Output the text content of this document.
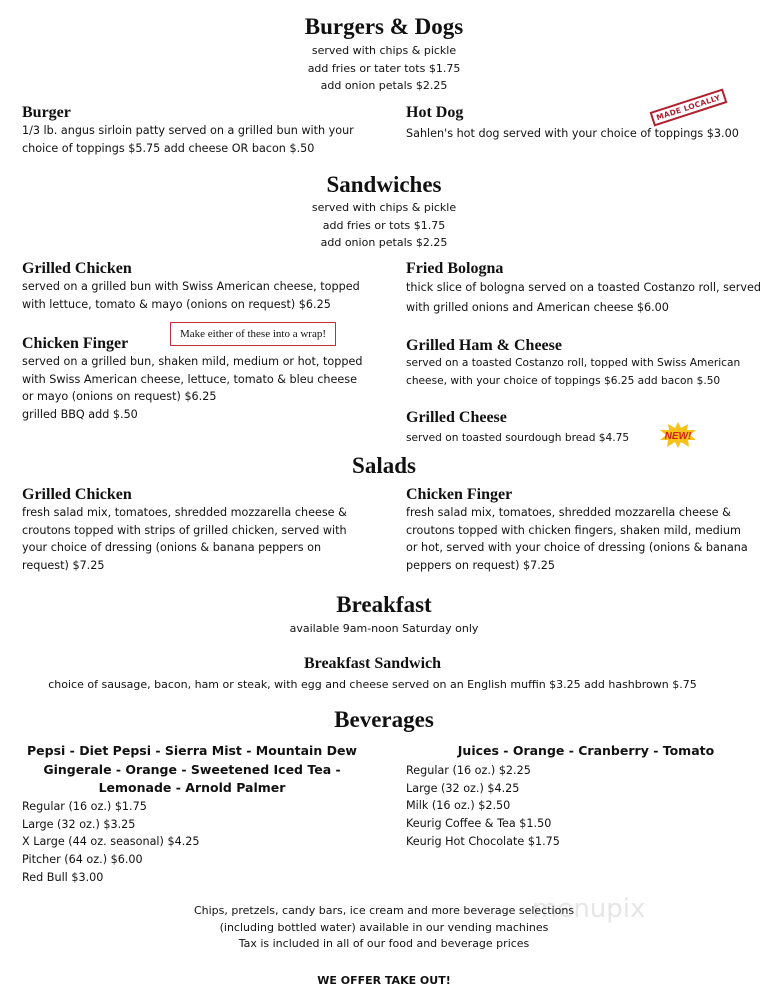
Burgers & Dogs
served with chips & pickle
add fries or tater tots $1.75
add onion petals $2.25
Burger
1/3 lb. angus sirloin patty served on a grilled bun with your
choice of toppings $5.75 add cheese OR bacon $.50
Hot Dog
Sahlen's hot dog served with your choice of toppings $3.00
MADE LOCALLY
Sandwiches
served with chips & pickle
add fries or tots $1.75
add onion petals $2.25
Grilled Chicken
served on a grilled bun with Swiss American cheese, topped
with lettuce, tomato & mayo (onions on request) $6.25
Make either of these into a wrap!
Chicken Finger
served on a grilled bun, shaken mild, medium or hot, topped
with Swiss American cheese, lettuce, tomato & bleu cheese
or mayo (onions on request) $6.25
grilled BBQ add $.50
Fried Bologna
thick slice of bologna served on a toasted Costanzo roll, served
with grilled onions and American cheese $6.00
Grilled Ham & Cheese
served on a toasted Costanzo roll, topped with Swiss American
cheese, with your choice of toppings $6.25 add bacon $.50
Grilled Cheese
served on toasted sourdough bread $4.75	NEW!
Salads
Grilled Chicken
fresh salad mix, tomatoes, shredded mozzarella cheese &
croutons topped with strips of grilled chicken, served with
your choice of dressing (onions & banana peppers on
request) $7.25
Chicken Finger
fresh salad mix, tomatoes, shredded mozzarella cheese &
croutons topped with chicken fingers, shaken mild, medium
or hot, served with your choice of dressing (onions & banana
peppers on request) $7.25
Breakfast
available 9am-noon Saturday only
Breakfast Sandwich
choice of sausage, bacon, ham or steak, with egg and cheese served on an English muffin $3.25 add hashbrown $.75
Beverages
Pepsi - Diet Pepsi - Sierra Mist - Mountain Dew
Gingerale - Orange - Sweetened Iced Tea -
Lemonade - Arnold Palmer
Regular (16 oz.) $1.75
Large (32 oz.) $3.25
X Large (44 oz. seasonal) $4.25
Pitcher (64 oz.) $6.00
Red Bull $3.00
Juices - Orange - Cranberry - Tomato
Regular (16 oz.) $2.25
Large (32 oz.) $4.25
Milk (16 oz.) $2.50
Keurig Coffee & Tea $1.50
Keurig Hot Chocolate $1.75
menupix
Chips, pretzels, candy bars, ice cream and more beverage selections
(including bottled water) available in our vending machines
Tax is included in all of our food and beverage prices
WE OFFER TAKE OUT!
